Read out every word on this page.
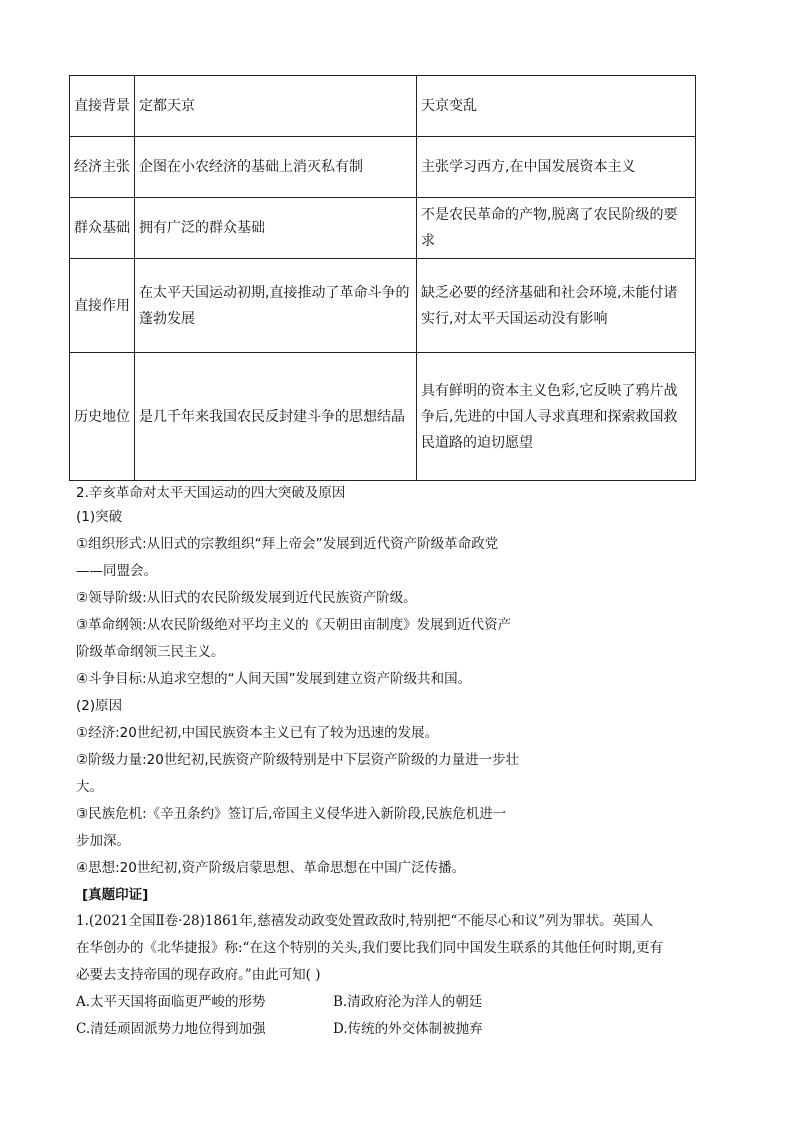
直接背景	定都天京	天京变乱
经济主张	企图在小农经济的基础上消灭私有制	主张学习西方,在中国发展资本主义
群众基础	拥有广泛的群众基础	不是农民革命的产物,脱离了农民阶级的要求
直接作用	在太平天国运动初期,直接推动了革命斗争的蓬勃发展	缺乏必要的经济基础和社会环境,未能付诸实行,对太平天国运动没有影响
历史地位	是几千年来我国农民反封建斗争的思想结晶	具有鲜明的资本主义色彩,它反映了鸦片战争后,先进的中国人寻求真理和探索救国救民道路的迫切愿望
2.辛亥革命对太平天国运动的四大突破及原因
(1)突破
①组织形式:从旧式的宗教组织“拜上帝会”发展到近代资产阶级革命政党
——同盟会。
②领导阶级:从旧式的农民阶级发展到近代民族资产阶级。
③革命纲领:从农民阶级绝对平均主义的《天朝田亩制度》发展到近代资产
阶级革命纲领三民主义。
④斗争目标:从追求空想的“人间天国”发展到建立资产阶级共和国。
(2)原因
①经济:20世纪初,中国民族资本主义已有了较为迅速的发展。
②阶级力量:20世纪初,民族资产阶级特别是中下层资产阶级的力量进一步壮
大。
③民族危机:《辛丑条约》签订后,帝国主义侵华进入新阶段,民族危机进一
步加深。
④思想:20世纪初,资产阶级启蒙思想、革命思想在中国广泛传播。
[真题印证]
1.(2021全国Ⅱ卷·28)1861年,慈禧发动政变处置政敌时,特别把“不能尽心和议”列为罪状。英国人
在华创办的《北华捷报》称:“在这个特别的关头,我们要比我们同中国发生联系的其他任何时期,更有
必要去支持帝国的现存政府。”由此可知( )
A.太平天国将面临更严峻的形势	B.清政府沦为洋人的朝廷
C.清廷顽固派势力地位得到加强	D.传统的外交体制被抛弃
